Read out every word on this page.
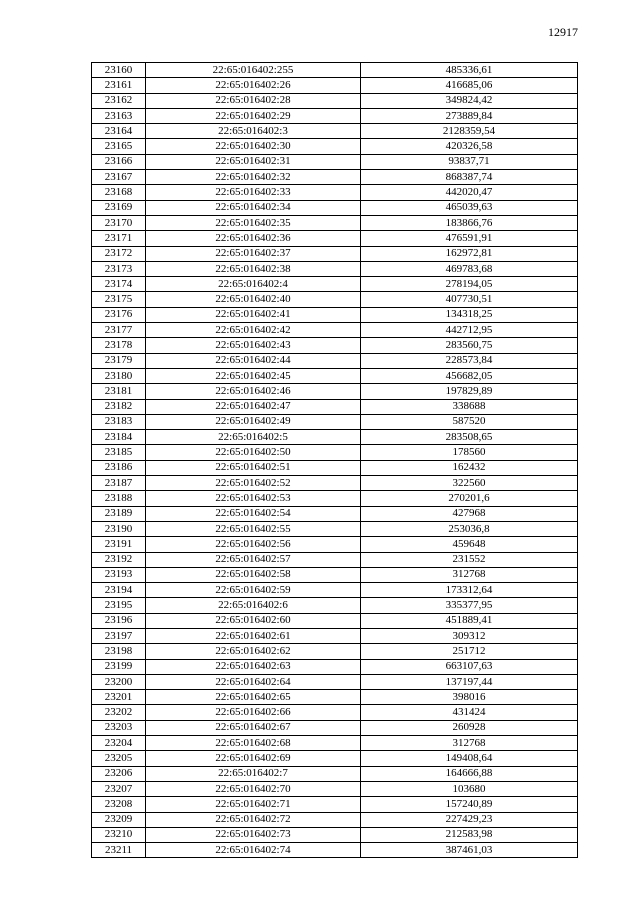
12917
23160	22:65:016402:255	485336,61
23161	22:65:016402:26	416685,06
23162	22:65:016402:28	349824,42
23163	22:65:016402:29	273889,84
23164	22:65:016402:3	2128359,54
23165	22:65:016402:30	420326,58
23166	22:65:016402:31	93837,71
23167	22:65:016402:32	868387,74
23168	22:65:016402:33	442020,47
23169	22:65:016402:34	465039,63
23170	22:65:016402:35	183866,76
23171	22:65:016402:36	476591,91
23172	22:65:016402:37	162972,81
23173	22:65:016402:38	469783,68
23174	22:65:016402:4	278194,05
23175	22:65:016402:40	407730,51
23176	22:65:016402:41	134318,25
23177	22:65:016402:42	442712,95
23178	22:65:016402:43	283560,75
23179	22:65:016402:44	228573,84
23180	22:65:016402:45	456682,05
23181	22:65:016402:46	197829,89
23182	22:65:016402:47	338688
23183	22:65:016402:49	587520
23184	22:65:016402:5	283508,65
23185	22:65:016402:50	178560
23186	22:65:016402:51	162432
23187	22:65:016402:52	322560
23188	22:65:016402:53	270201,6
23189	22:65:016402:54	427968
23190	22:65:016402:55	253036,8
23191	22:65:016402:56	459648
23192	22:65:016402:57	231552
23193	22:65:016402:58	312768
23194	22:65:016402:59	173312,64
23195	22:65:016402:6	335377,95
23196	22:65:016402:60	451889,41
23197	22:65:016402:61	309312
23198	22:65:016402:62	251712
23199	22:65:016402:63	663107,63
23200	22:65:016402:64	137197,44
23201	22:65:016402:65	398016
23202	22:65:016402:66	431424
23203	22:65:016402:67	260928
23204	22:65:016402:68	312768
23205	22:65:016402:69	149408,64
23206	22:65:016402:7	164666,88
23207	22:65:016402:70	103680
23208	22:65:016402:71	157240,89
23209	22:65:016402:72	227429,23
23210	22:65:016402:73	212583,98
23211	22:65:016402:74	387461,03
